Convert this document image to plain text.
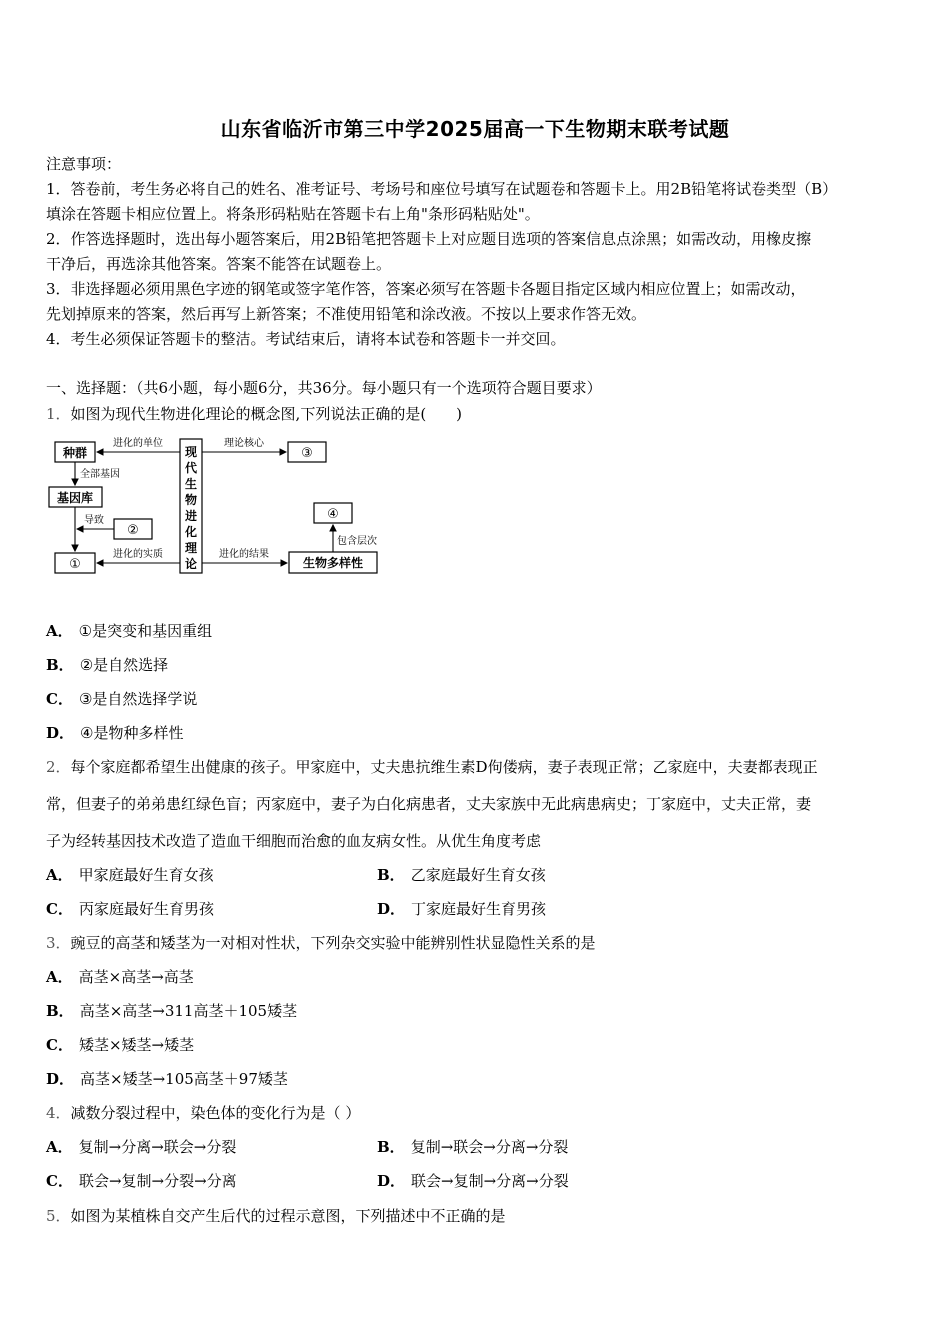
山东省临沂市第三中学2025届高一下生物期末联考试题
注意事项：
1．答卷前，考生务必将自己的姓名、准考证号、考场号和座位号填写在试题卷和答题卡上。用2B铅笔将试卷类型（B）
填涂在答题卡相应位置上。将条形码粘贴在答题卡右上角"条形码粘贴处"。
2．作答选择题时，选出每小题答案后，用2B铅笔把答题卡上对应题目选项的答案信息点涂黑；如需改动，用橡皮擦
干净后，再选涂其他答案。答案不能答在试题卷上。
3．非选择题必须用黑色字迹的钢笔或签字笔作答，答案必须写在答题卡各题目指定区域内相应位置上；如需改动，
先划掉原来的答案，然后再写上新答案；不准使用铅笔和涂改液。不按以上要求作答无效。
4．考生必须保证答题卡的整洁。考试结束后，请将本试卷和答题卡一并交回。
一、选择题：（共6小题，每小题6分，共36分。每小题只有一个选项符合题目要求）
1．如图为现代生物进化理论的概念图,下列说法正确的是(　　)
现
代
生
物
进
化
理
论
种群
基因库
②
①
③
④
生物多样性
进化的单位
全部基因
导致
进化的实质
理论核心
进化的结果
包含层次
A． ①是突变和基因重组
B． ②是自然选择
C． ③是自然选择学说
D． ④是物种多样性
2．每个家庭都希望生出健康的孩子。甲家庭中，丈夫患抗维生素D佝偻病，妻子表现正常；乙家庭中，夫妻都表现正
常，但妻子的弟弟患红绿色盲；丙家庭中，妻子为白化病患者，丈夫家族中无此病患病史；丁家庭中，丈夫正常，妻
子为经转基因技术改造了造血干细胞而治愈的血友病女性。从优生角度考虑
A． 甲家庭最好生育女孩	B． 乙家庭最好生育女孩
C． 丙家庭最好生育男孩	D． 丁家庭最好生育男孩
3．豌豆的高茎和矮茎为一对相对性状，下列杂交实验中能辨别性状显隐性关系的是
A． 高茎×高茎→高茎
B． 高茎×高茎→311高茎＋105矮茎
C． 矮茎×矮茎→矮茎
D． 高茎×矮茎→105高茎＋97矮茎
4．减数分裂过程中，染色体的变化行为是（ ）
A． 复制→分离→联会→分裂	B． 复制→联会→分离→分裂
C． 联会→复制→分裂→分离	D． 联会→复制→分离→分裂
5．如图为某植株自交产生后代的过程示意图，下列描述中不正确的是
